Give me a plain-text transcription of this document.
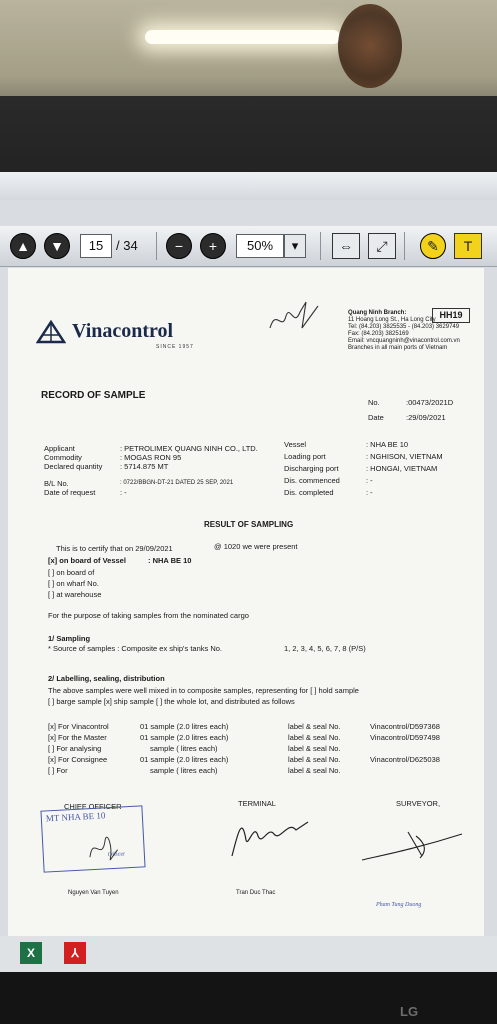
▲	▼	15 / 34	−	+	50%	▾	⇔	⤢	✎	T
Vinacontrol
SINCE 1957
HH19
Quang Ninh Branch:
11 Hoang Long St., Ha Long City
Tel: (84.203) 3825535 - (84.203) 3629749
Fax: (84.203) 3825169
Email: vncquangninh@vinacontrol.com.vn
Branches in all main ports of Vietnam
RECORD OF SAMPLE
No.	:00473/2021D
Date	:29/09/2021
Applicant	: PETROLIMEX QUANG NINH CO., LTD.
Commodity	: MOGAS RON 95
Declared quantity : 5714.875 MT
B/L No.	: 0722/BBGN-DT-21 DATED 25 SEP, 2021
Date of request	: -
Vessel	: NHA BE 10
Loading port	: NGHISON, VIETNAM
Discharging port	: HONGAI, VIETNAM
Dis. commenced	: -
Dis. completed	: -
RESULT OF SAMPLING
This is to certify that on 29/09/2021	@ 1020 we were present
[x] on board of Vessel	: NHA BE 10
[ ] on board of
[ ] on wharf No.
[ ] at warehouse
For the purpose of taking samples from the nominated cargo
1/ Sampling
* Source of samples : Composite ex ship's tanks No.	1, 2, 3, 4, 5, 6, 7, 8 (P/S)
2/ Labelling, sealing, distribution
The above samples were well mixed in to composite samples, representing for [ ] hold sample
[ ] barge sample [x] ship sample [ ] the whole lot, and distributed as follows
[x] For Vinacontrol	01 sample (2.0 litres each)	label & seal No.	Vinacontrol/D597368
[x] For the Master	01 sample (2.0 litres each)	label & seal No.	Vinacontrol/D597498
[ ] For analysing	sample ( litres each)	label & seal No.
[x] For Consignee	01 sample (2.0 litres each)	label & seal No.	Vinacontrol/D625038
[ ] For	sample ( litres each)	label & seal No.
CHIEF OFFICER	TERMINAL	SURVEYOR,
MT NHA BE 10
Officer
Nguyen Van Tuyen	Tran Duc Thac
Pham Tung Duong
X	⅄
LG
